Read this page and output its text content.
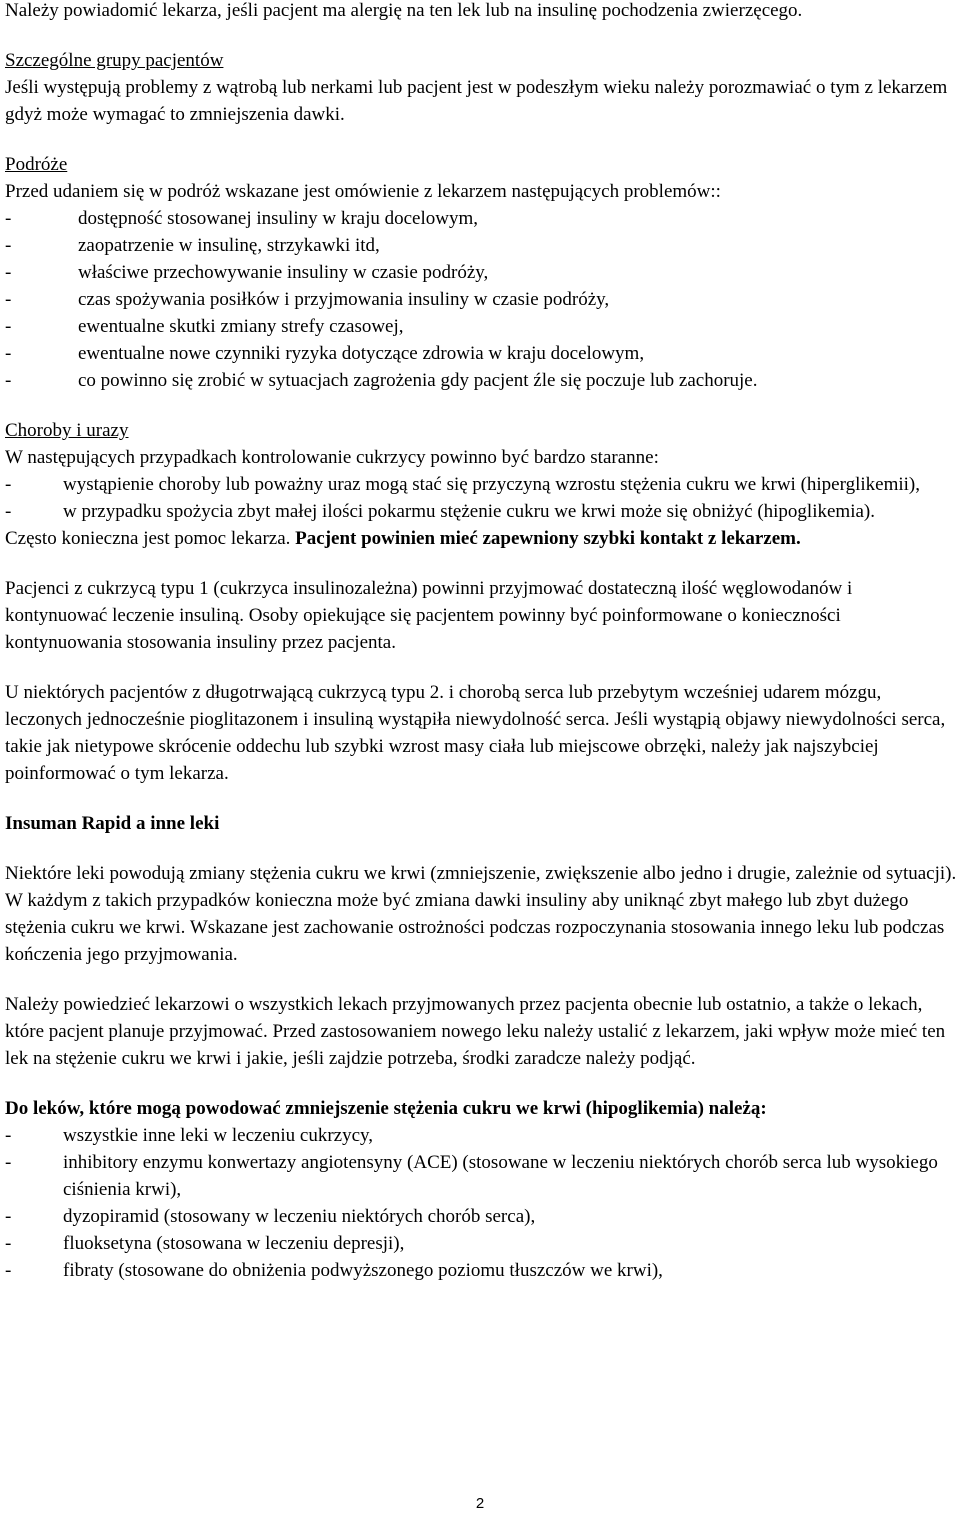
Należy powiadomić lekarza, jeśli pacjent ma alergię na ten lek lub na insulinę pochodzenia zwierzęcego.

Szczególne grupy pacjentów

Jeśli występują problemy z wątrobą lub nerkami lub pacjent jest w podeszłym wieku należy porozmawiać o tym z lekarzem gdyż może wymagać to zmniejszenia dawki.

Podróże

Przed udaniem się w podróż wskazane jest omówienie z lekarzem następujących problemów::

-	dostępność stosowanej insuliny w kraju docelowym,
-	zaopatrzenie w insulinę, strzykawki itd,
-	właściwe przechowywanie insuliny w czasie podróży,
-	czas spożywania posiłków i przyjmowania insuliny w czasie podróży,
-	ewentualne skutki zmiany strefy czasowej,
-	ewentualne nowe czynniki ryzyka dotyczące zdrowia w kraju docelowym,
-	co powinno się zrobić w sytuacjach zagrożenia gdy pacjent źle się poczuje lub zachoruje.

Choroby i urazy

W następujących przypadkach kontrolowanie cukrzycy powinno być bardzo staranne:

-	wystąpienie choroby lub poważny uraz mogą stać się przyczyną wzrostu stężenia cukru we krwi (hiperglikemii),
-	w przypadku spożycia zbyt małej ilości pokarmu stężenie cukru we krwi może się obniżyć (hipoglikemia).

Często konieczna jest pomoc lekarza. Pacjent powinien mieć zapewniony szybki kontakt z lekarzem.

Pacjenci z cukrzycą typu 1 (cukrzyca insulinozależna) powinni przyjmować dostateczną ilość węglowodanów i kontynuować leczenie insuliną. Osoby opiekujące się pacjentem powinny być poinformowane o konieczności kontynuowania stosowania insuliny przez pacjenta.

U niektórych pacjentów z długotrwającą cukrzycą typu 2. i chorobą serca lub przebytym wcześniej udarem mózgu, leczonych jednocześnie pioglitazonem i insuliną wystąpiła niewydolność serca. Jeśli wystąpią objawy niewydolności serca, takie jak nietypowe skrócenie oddechu lub szybki wzrost masy ciała lub miejscowe obrzęki, należy jak najszybciej poinformować o tym lekarza.

Insuman Rapid a inne leki

Niektóre leki powodują zmiany stężenia cukru we krwi (zmniejszenie, zwiększenie albo jedno i drugie, zależnie od sytuacji). W każdym z takich przypadków konieczna może być zmiana dawki insuliny aby uniknąć zbyt małego lub zbyt dużego stężenia cukru we krwi. Wskazane jest zachowanie ostrożności podczas rozpoczynania stosowania innego leku lub podczas kończenia jego przyjmowania.

Należy powiedzieć lekarzowi o wszystkich lekach przyjmowanych przez pacjenta obecnie lub ostatnio, a także o lekach, które pacjent planuje przyjmować. Przed zastosowaniem nowego leku należy ustalić z lekarzem, jaki wpływ może mieć ten lek na stężenie cukru we krwi i jakie, jeśli zajdzie potrzeba, środki zaradcze należy podjąć.

Do leków, które mogą powodować zmniejszenie stężenia cukru we krwi (hipoglikemia) należą:

-	wszystkie inne leki w leczeniu cukrzycy,
-	inhibitory enzymu konwertazy angiotensyny (ACE) (stosowane w leczeniu niektórych chorób serca lub wysokiego ciśnienia krwi),
-	dyzopiramid (stosowany w leczeniu niektórych chorób serca),
-	fluoksetyna (stosowana w leczeniu depresji),
-	fibraty (stosowane do obniżenia podwyższonego poziomu tłuszczów we krwi),
2
